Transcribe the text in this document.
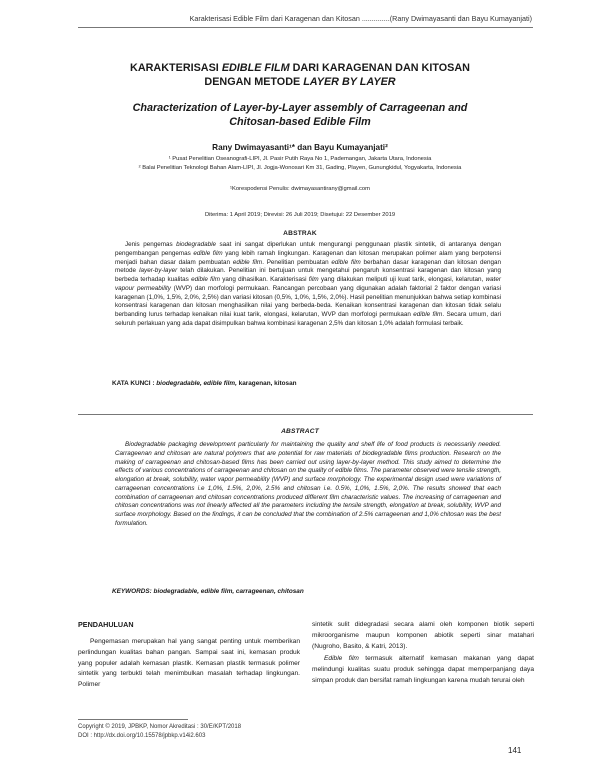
Karakterisasi Edible Film dari Karagenan dan Kitosan ..............(Rany Dwimayasanti dan Bayu Kumayanjati)
KARAKTERISASI EDIBLE FILM DARI KARAGENAN DAN KITOSAN
DENGAN METODE LAYER BY LAYER
Characterization of Layer-by-Layer assembly of Carrageenan and
Chitosan-based Edible Film
Rany Dwimayasanti¹* dan Bayu Kumayanjati²
¹ Pusat Penelitian Oseanografi-LIPI, Jl. Pasir Putih Raya No 1, Pademangan, Jakarta Utara, Indonesia
² Balai Penelitian Teknologi Bahan Alam-LIPI, Jl. Jogja-Wonosari Km 31, Gading, Playen, Gunungkidul, Yogyakarta, Indonesia
¹Korespodensi Penulis: dwimayasantirany@gmail.com
Diterima: 1 April 2019; Direvisi: 26 Juli 2019; Disetujui: 22 Desember 2019
ABSTRAK

Jenis pengemas biodegradable saat ini sangat diperlukan untuk mengurangi penggunaan plastik sintetik, di antaranya dengan pengembangan pengemas edible film yang lebih ramah lingkungan. Karagenan dan kitosan merupakan polimer alam yang berpotensi menjadi bahan dasar dalam pembuatan edible film. Penelitian pembuatan edible film berbahan dasar karagenan dan kitosan dengan metode layer-by-layer telah dilakukan. Penelitian ini bertujuan untuk mengetahui pengaruh konsentrasi karagenan dan kitosan yang berbeda terhadap kualitas edible film yang dihasilkan. Karakterisasi film yang dilakukan meliputi uji kuat tarik, elongasi, kelarutan, water vapour permeability (WVP) dan morfologi permukaan. Rancangan percobaan yang digunakan adalah faktorial 2 faktor dengan variasi karagenan (1,0%, 1,5%, 2,0%, 2,5%) dan variasi kitosan (0,5%, 1,0%, 1,5%, 2,0%). Hasil penelitian menunjukkan bahwa setiap kombinasi konsentrasi karagenan dan kitosan menghasilkan nilai yang berbeda-beda. Kenaikan konsentrasi karagenan dan kitosan tidak selalu berbanding lurus terhadap kenaikan nilai kuat tarik, elongasi, kelarutan, WVP dan morfologi permukaan edible film. Secara umum, dari seluruh perlakuan yang ada dapat disimpulkan bahwa kombinasi karagenan 2,5% dan kitosan 1,0% adalah formulasi terbaik.

KATA KUNCI : biodegradable, edible film, karagenan, kitosan
ABSTRACT

Biodegradable packaging development particularly for maintaining the quality and shelf life of food products is necessarily needed. Carrageenan and chitosan are natural polymers that are potential for raw materials of biodegradable films production. Research on the making of carrageenan and chitosan-based films has been carried out using layer-by-layer method. This study aimed to determine the effects of various concentrations of carrageenan and chitosan on the quality of edible films. The parameter observed were tensile strength, elongation at break, solubility, water vapor permeability (WVP) and surface morphology. The experimental design used were variations of carrageenan concentrations i.e 1,0%, 1.5%, 2,0%, 2.5% and chitosan i.e. 0.5%, 1,0%, 1.5%, 2,0%. The results showed that each combination of carrageenan and chitosan concentrations produced different film characteristic values. The increasing of carrageenan and chitosan concentrations was not linearly affected all the parameters including the tensile strength, elongation at break, solubility, WVP and surface morphology. Based on the findings, it can be concluded that the combination of 2.5% carrageenan and 1,0% chitosan was the best formulation.

KEYWORDS: biodegradable, edible film, carrageenan, chitosan
PENDAHULUAN

Pengemasan merupakan hal yang sangat penting untuk memberikan perlindungan kualitas bahan pangan. Sampai saat ini, kemasan produk yang populer adalah kemasan plastik. Kemasan plastik termasuk polimer sintetik yang terbukti telah menimbulkan masalah terhadap lingkungan. Polimer

sintetik sulit didegradasi secara alami oleh komponen biotik seperti mikroorganisme maupun komponen abiotik seperti sinar matahari (Nugroho, Basito, & Katri, 2013).

Edible film termasuk alternatif kemasan makanan yang dapat melindungi kualitas suatu produk sehingga dapat memperpanjang daya simpan produk dan bersifat ramah lingkungan karena mudah terurai oleh

Copyright © 2019, JPBKP, Nomor Akreditasi : 30/E/KPT/2018
DOI : http://dx.doi.org/10.15578/jpbkp.v14i2.603
141
